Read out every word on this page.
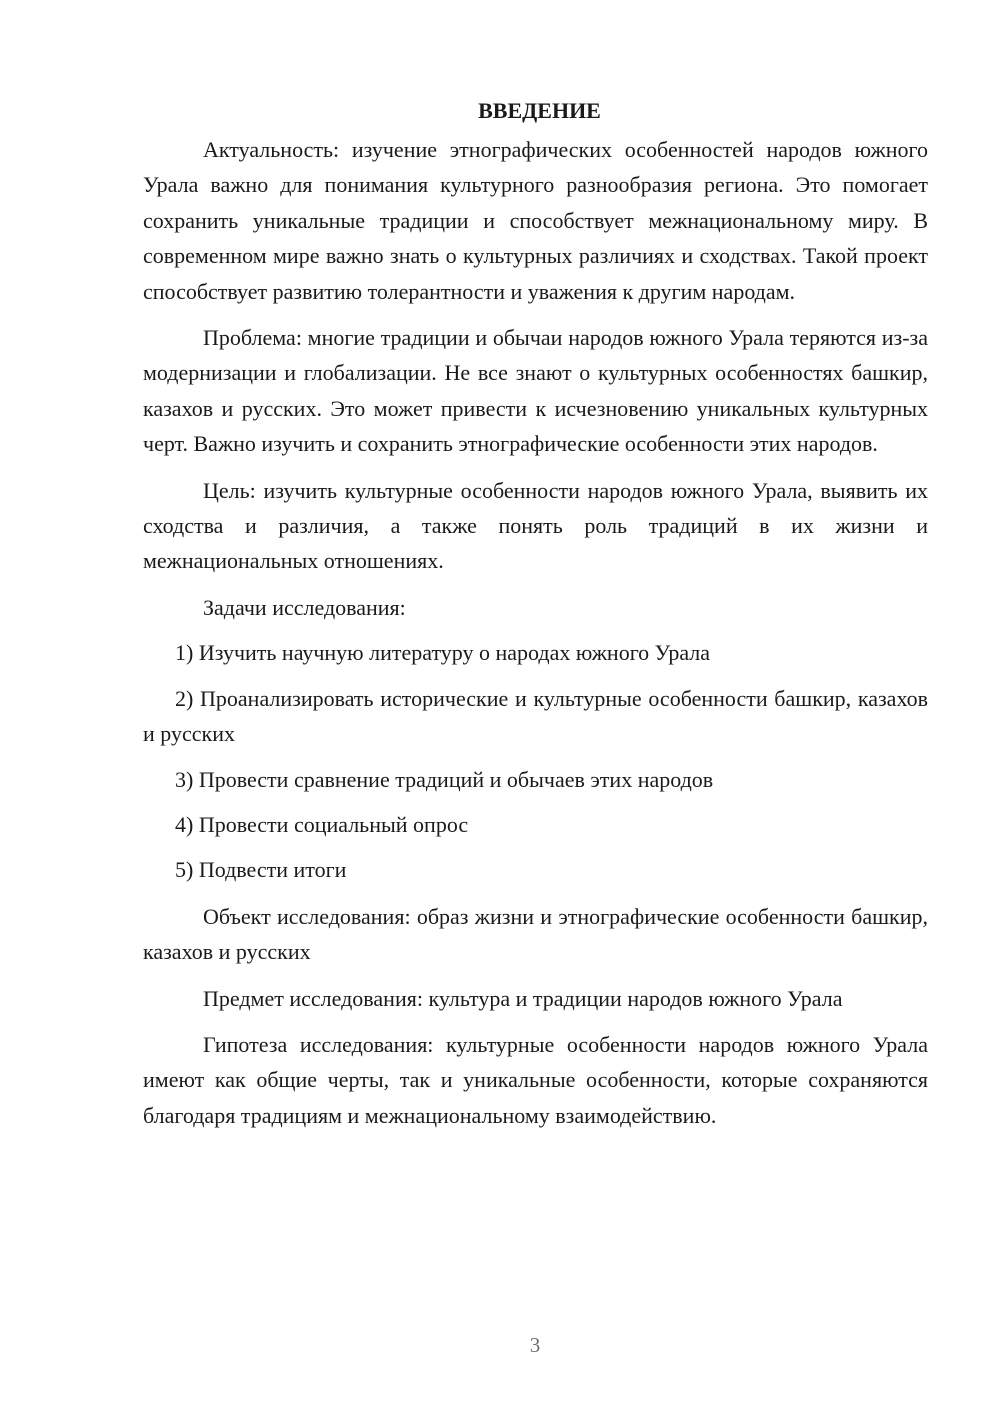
ВВЕДЕНИЕ

Актуальность: изучение этнографических особенностей народов южного Урала важно для понимания культурного разнообразия региона. Это помогает сохранить уникальные традиции и способствует межнациональному миру. В современном мире важно знать о культурных различиях и сходствах. Такой проект способствует развитию толерантности и уважения к другим народам.

Проблема: многие традиции и обычаи народов южного Урала теряются из-за модернизации и глобализации. Не все знают о культурных особенностях башкир, казахов и русских. Это может привести к исчезновению уникальных культурных черт. Важно изучить и сохранить этнографические особенности этих народов.

Цель: изучить культурные особенности народов южного Урала, выявить их сходства и различия, а также понять роль традиций в их жизни и межнациональных отношениях.

Задачи исследования:

1) Изучить научную литературу о народах южного Урала

2) Проанализировать исторические и культурные особенности башкир, казахов и русских

3) Провести сравнение традиций и обычаев этих народов

4) Провести социальный опрос

5) Подвести итоги

Объект исследования: образ жизни и этнографические особенности башкир, казахов и русских

Предмет исследования: культура и традиции народов южного Урала

Гипотеза исследования: культурные особенности народов южного Урала имеют как общие черты, так и уникальные особенности, которые сохраняются благодаря традициям и межнациональному взаимодействию.

3
